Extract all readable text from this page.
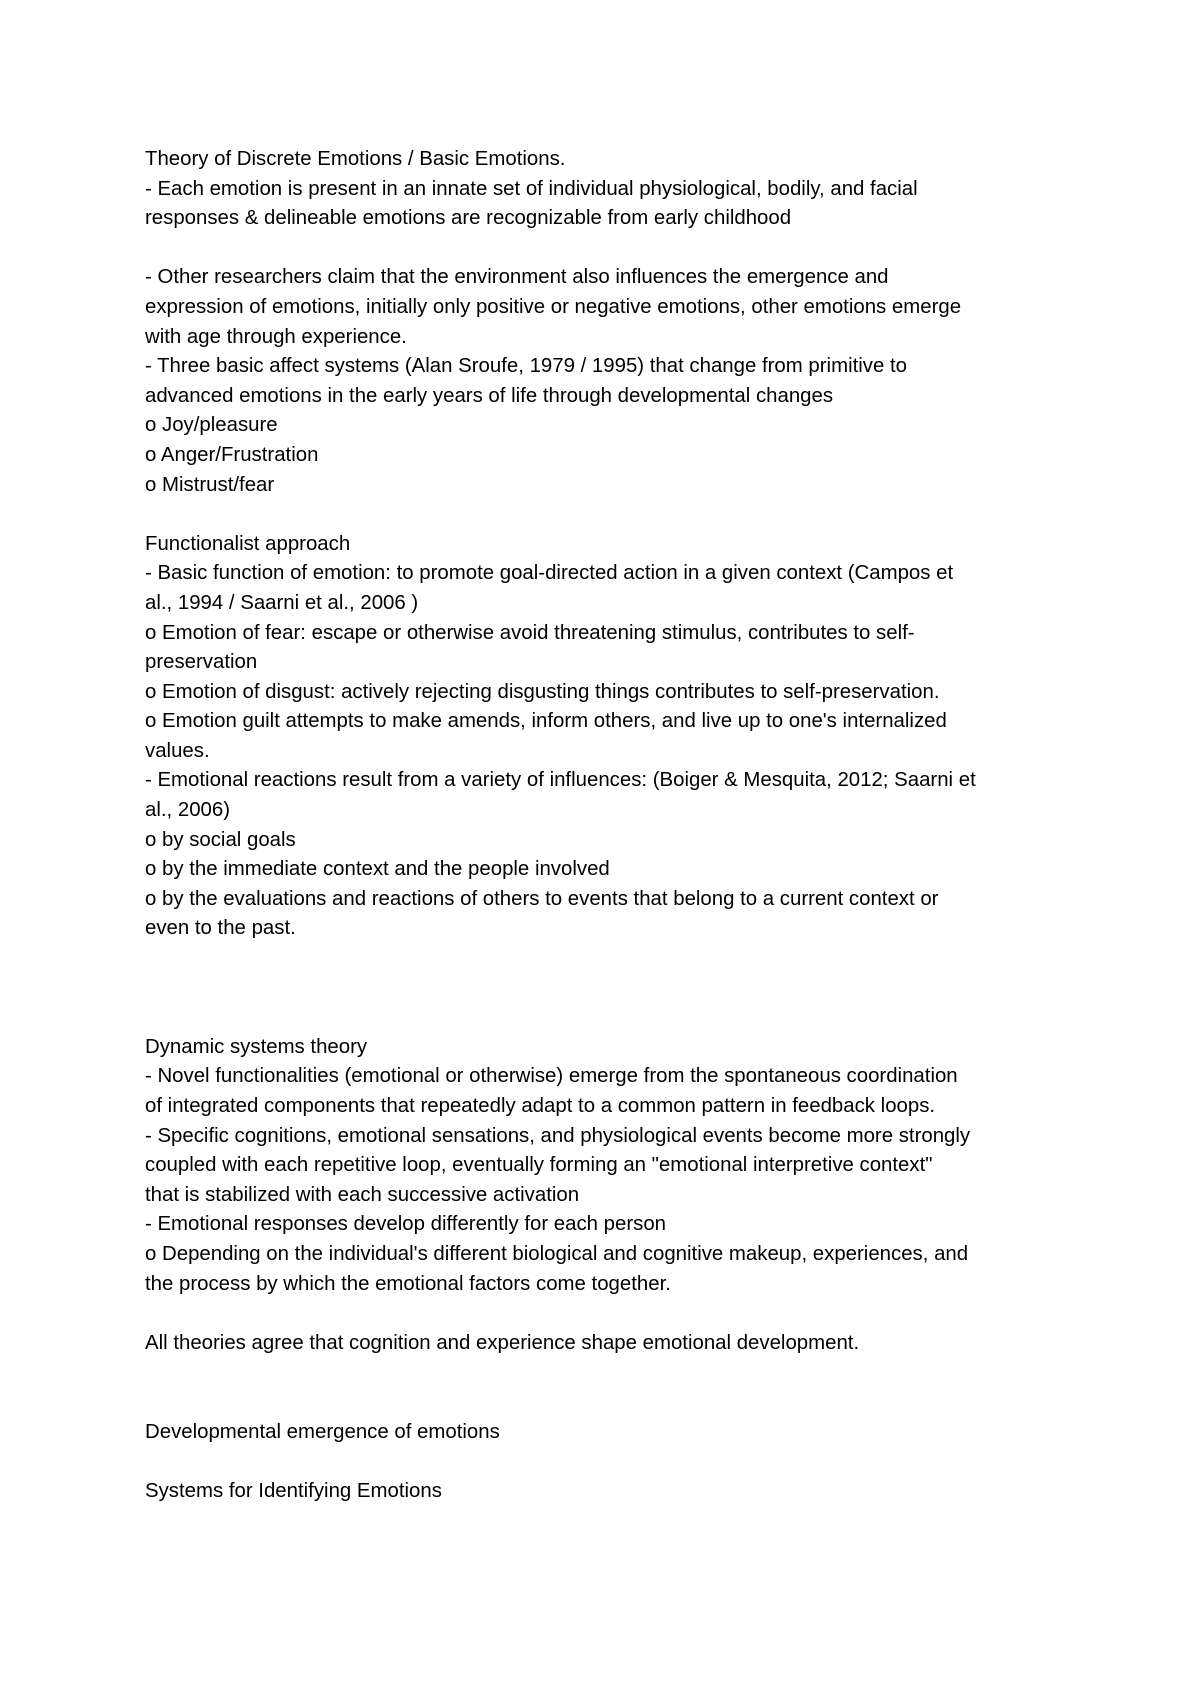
Theory of Discrete Emotions / Basic Emotions.
- Each emotion is present in an innate set of individual physiological, bodily, and facial
responses & delineable emotions are recognizable from early childhood
- Other researchers claim that the environment also influences the emergence and
expression of emotions, initially only positive or negative emotions, other emotions emerge
with age through experience.
- Three basic affect systems (Alan Sroufe, 1979 / 1995) that change from primitive to
advanced emotions in the early years of life through developmental changes
o Joy/pleasure
o Anger/Frustration
o Mistrust/fear
Functionalist approach
- Basic function of emotion: to promote goal-directed action in a given context (Campos et
al., 1994 / Saarni et al., 2006 )
o Emotion of fear: escape or otherwise avoid threatening stimulus, contributes to self-
preservation
o Emotion of disgust: actively rejecting disgusting things contributes to self-preservation.
o Emotion guilt attempts to make amends, inform others, and live up to one's internalized
values.
- Emotional reactions result from a variety of influences: (Boiger & Mesquita, 2012; Saarni et
al., 2006)
o by social goals
o by the immediate context and the people involved
o by the evaluations and reactions of others to events that belong to a current context or
even to the past.
Dynamic systems theory
- Novel functionalities (emotional or otherwise) emerge from the spontaneous coordination
of integrated components that repeatedly adapt to a common pattern in feedback loops.
- Specific cognitions, emotional sensations, and physiological events become more strongly
coupled with each repetitive loop, eventually forming an "emotional interpretive context"
that is stabilized with each successive activation
- Emotional responses develop differently for each person
o Depending on the individual's different biological and cognitive makeup, experiences, and
the process by which the emotional factors come together.
All theories agree that cognition and experience shape emotional development.
Developmental emergence of emotions
Systems for Identifying Emotions
